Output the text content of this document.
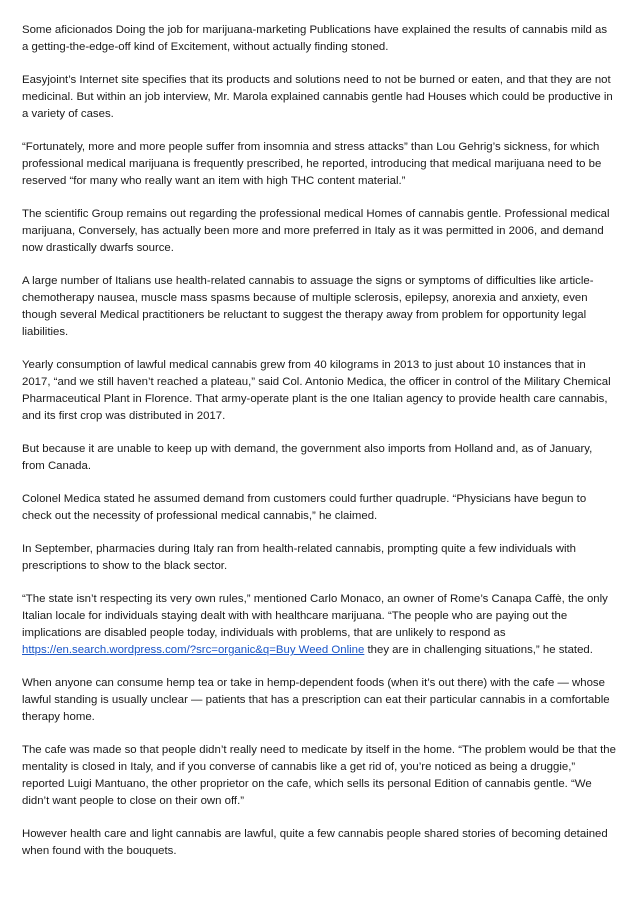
Some aficionados Doing the job for marijuana-marketing Publications have explained the results of cannabis mild as a getting-the-edge-off kind of Excitement, without actually finding stoned.

Easyjoint’s Internet site specifies that its products and solutions need to not be burned or eaten, and that they are not medicinal. But within an job interview, Mr. Marola explained cannabis gentle had Houses which could be productive in a variety of cases.

“Fortunately, more and more people suffer from insomnia and stress attacks” than Lou Gehrig’s sickness, for which professional medical marijuana is frequently prescribed, he reported, introducing that medical marijuana need to be reserved “for many who really want an item with high THC content material.”

The scientific Group remains out regarding the professional medical Homes of cannabis gentle. Professional medical marijuana, Conversely, has actually been more and more preferred in Italy as it was permitted in 2006, and demand now drastically dwarfs source.

A large number of Italians use health-related cannabis to assuage the signs or symptoms of difficulties like article-chemotherapy nausea, muscle mass spasms because of multiple sclerosis, epilepsy, anorexia and anxiety, even though several Medical practitioners be reluctant to suggest the therapy away from problem for opportunity legal liabilities.

Yearly consumption of lawful medical cannabis grew from 40 kilograms in 2013 to just about 10 instances that in 2017, “and we still haven’t reached a plateau,” said Col. Antonio Medica, the officer in control of the Military Chemical Pharmaceutical Plant in Florence. That army-operate plant is the one Italian agency to provide health care cannabis, and its first crop was distributed in 2017.

But because it are unable to keep up with demand, the government also imports from Holland and, as of January, from Canada.

Colonel Medica stated he assumed demand from customers could further quadruple. “Physicians have begun to check out the necessity of professional medical cannabis,” he claimed.

In September, pharmacies during Italy ran from health-related cannabis, prompting quite a few individuals with prescriptions to show to the black sector.

“The state isn’t respecting its very own rules,” mentioned Carlo Monaco, an owner of Rome’s Canapa Caffè, the only Italian locale for individuals staying dealt with with healthcare marijuana. “The people who are paying out the implications are disabled people today, individuals with problems, that are unlikely to respond as https://en.search.wordpress.com/?src=organic&q=Buy Weed Online they are in challenging situations,” he stated.

When anyone can consume hemp tea or take in hemp-dependent foods (when it’s out there) with the cafe — whose lawful standing is usually unclear — patients that has a prescription can eat their particular cannabis in a comfortable therapy home.

The cafe was made so that people didn’t really need to medicate by itself in the home. “The problem would be that the mentality is closed in Italy, and if you converse of cannabis like a get rid of, you’re noticed as being a druggie,” reported Luigi Mantuano, the other proprietor on the cafe, which sells its personal Edition of cannabis gentle. “We didn’t want people to close on their own off.”

However health care and light cannabis are lawful, quite a few cannabis people shared stories of becoming detained when found with the bouquets.
